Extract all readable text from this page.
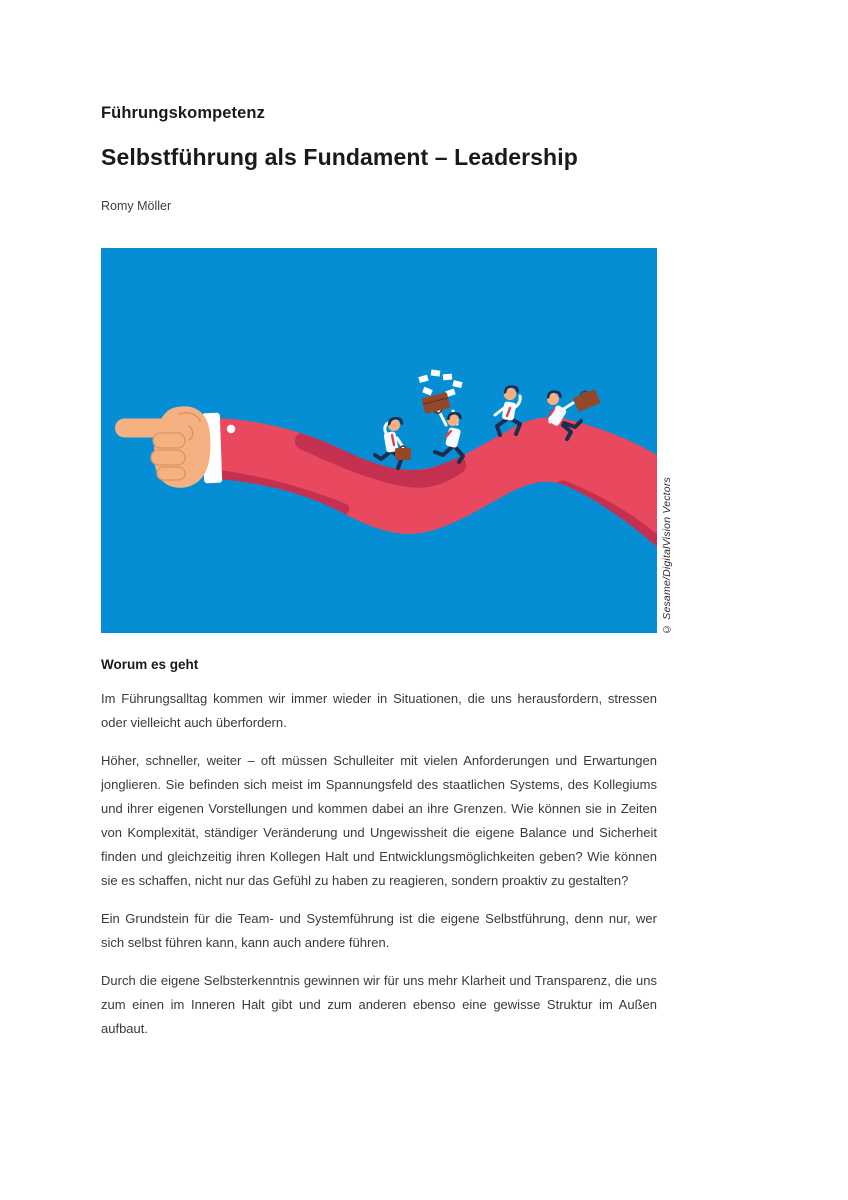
Führungskompetenz
Selbstführung als Fundament – Leadership
Romy Möller
© Sesame/DigitalVision Vectors
Worum es geht

Im Führungsalltag kommen wir immer wieder in Situationen, die uns herausfordern, stressen oder vielleicht auch überfordern.

Höher, schneller, weiter – oft müssen Schulleiter mit vielen Anforderungen und Erwartungen jonglieren. Sie befinden sich meist im Spannungsfeld des staatlichen Systems, des Kollegiums und ihrer eigenen Vorstellungen und kommen dabei an ihre Grenzen. Wie können sie in Zeiten von Komplexität, ständiger Veränderung und Ungewissheit die eigene Balance und Sicherheit finden und gleichzeitig ihren Kollegen Halt und Entwicklungsmöglichkeiten geben? Wie können sie es schaffen, nicht nur das Gefühl zu haben zu reagieren, sondern proaktiv zu gestalten?

Ein Grundstein für die Team- und Systemführung ist die eigene Selbstführung, denn nur, wer sich selbst führen kann, kann auch andere führen.

Durch die eigene Selbsterkenntnis gewinnen wir für uns mehr Klarheit und Transparenz, die uns zum einen im Inneren Halt gibt und zum anderen ebenso eine gewisse Struktur im Außen aufbaut.
